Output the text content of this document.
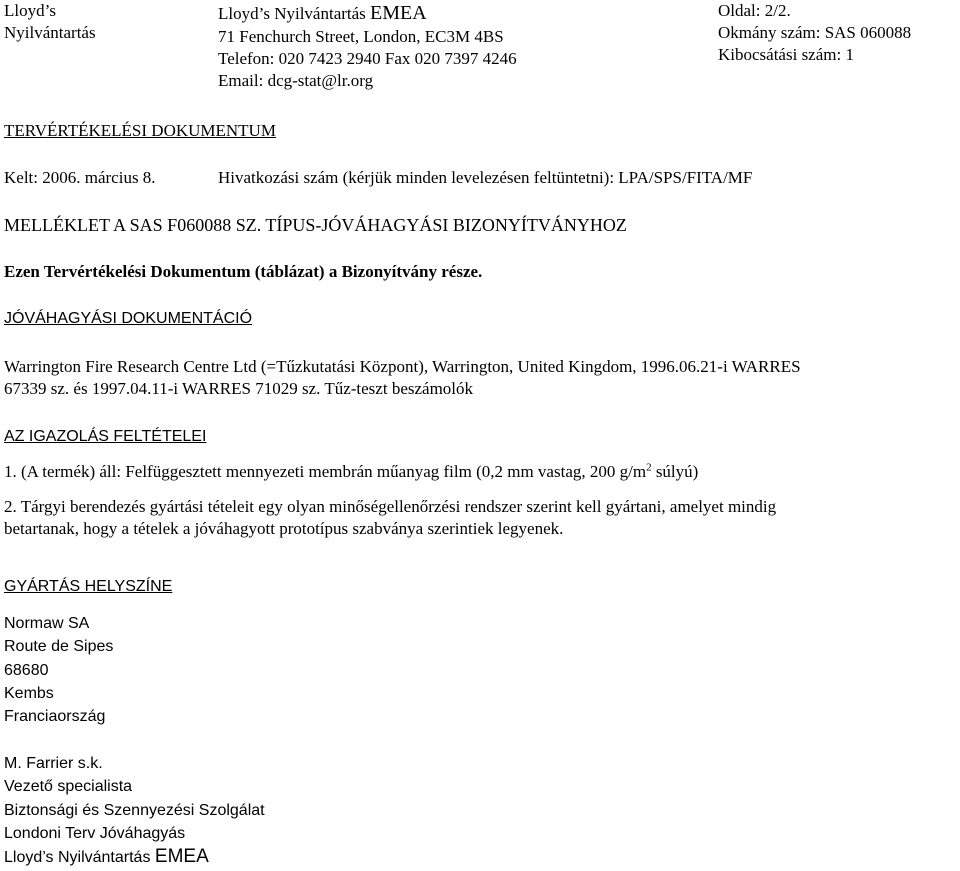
Lloyd’s
Nyilvántartás
Lloyd’s Nyilvántartás EMEA
71 Fenchurch Street, London, EC3M 4BS
Telefon: 020 7423 2940 Fax 020 7397 4246
Email: dcg-stat@lr.org
Oldal: 2/2.
Okmány szám: SAS 060088
Kibocsátási szám: 1
TERVÉRTÉKELÉSI DOKUMENTUM
Kelt: 2006. március 8.	Hivatkozási szám (kérjük minden levelezésen feltüntetni): LPA/SPS/FITA/MF
MELLÉKLET A SAS F060088 SZ. TÍPUS-JÓVÁHAGYÁSI BIZONYÍTVÁNYHOZ
Ezen Tervértékelési Dokumentum (táblázat) a Bizonyítvány része.
JÓVÁHAGYÁSI DOKUMENTÁCIÓ
Warrington Fire Research Centre Ltd (=Tűzkutatási Központ), Warrington, United Kingdom, 1996.06.21-i WARRES
67339 sz. és 1997.04.11-i WARRES 71029 sz. Tűz-teszt beszámolók
AZ IGAZOLÁS FELTÉTELEI
1. (A termék) áll: Felfüggesztett mennyezeti membrán műanyag film (0,2 mm vastag, 200 $g/m^2$ súlyú)
2. Tárgyi berendezés gyártási tételeit egy olyan minőségellenőrzési rendszer szerint kell gyártani, amelyet mindig
betartanak, hogy a tételek a jóváhagyott prototípus szabványa szerintiek legyenek.
GYÁRTÁS HELYSZÍNE
Normaw SA
Route de Sipes
68680
Kembs
Franciaország
M. Farrier s.k.
Vezető specialista
Biztonsági és Szennyezési Szolgálat
Londoni Terv Jóváhagyás
Lloyd’s Nyilvántartás EMEA
